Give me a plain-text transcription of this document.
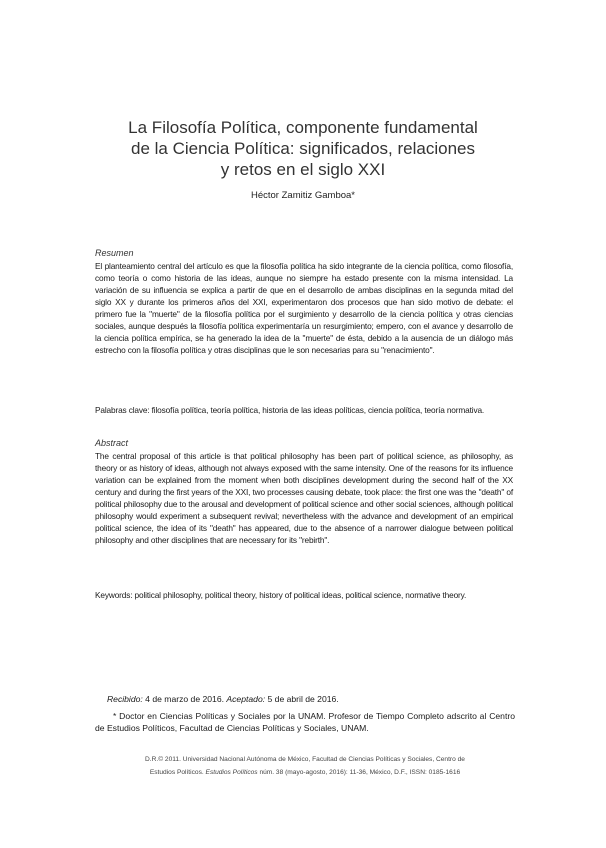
La Filosofía Política, componente fundamental
de la Ciencia Política: significados, relaciones
y retos en el siglo XXI
Héctor Zamitiz Gamboa*
Resumen

El planteamiento central del artículo es que la filosofía política ha sido integrante de la ciencia política, como filosofía, como teoría o como historia de las ideas, aunque no siempre ha estado presente con la misma intensidad. La variación de su influencia se explica a partir de que en el desarrollo de ambas disciplinas en la segunda mitad del siglo XX y durante los primeros años del XXI, experimentaron dos procesos que han sido motivo de debate: el primero fue la "muerte" de la filosofía política por el surgimiento y desarrollo de la ciencia política y otras ciencias sociales, aunque después la filosofía política experimentaría un resurgimiento; empero, con el avance y desarrollo de la ciencia política empírica, se ha generado la idea de la "muerte" de ésta, debido a la ausencia de un diálogo más estrecho con la filosofía política y otras disciplinas que le son necesarias para su "renacimiento".

Palabras clave: filosofía política, teoría política, historia de las ideas políticas, ciencia política, teoría normativa.

Abstract

The central proposal of this article is that political philosophy has been part of political science, as philosophy, as theory or as history of ideas, although not always exposed with the same intensity. One of the reasons for its influence variation can be explained from the moment when both disciplines development during the second half of the XX century and during the first years of the XXI, two processes causing debate, took place: the first one was the "death" of political philosophy due to the arousal and development of political science and other social sciences, although political philosophy would experiment a subsequent revival; nevertheless with the advance and development of an empirical political science, the idea of its "death" has appeared, due to the absence of a narrower dialogue between political philosophy and other disciplines that are necessary for its "rebirth".

Keywords: political philosophy, political theory, history of political ideas, political science, normative theory.

Recibido: 4 de marzo de 2016. Aceptado: 5 de abril de 2016.

* Doctor en Ciencias Políticas y Sociales por la UNAM. Profesor de Tiempo Completo adscrito al Centro de Estudios Políticos, Facultad de Ciencias Políticas y Sociales, UNAM.

D.R.© 2011. Universidad Nacional Autónoma de México, Facultad de Ciencias Políticas y Sociales, Centro de
Estudios Políticos. Estudios Políticos núm. 38 (mayo-agosto, 2016): 11-36, México, D.F., ISSN: 0185-1616
